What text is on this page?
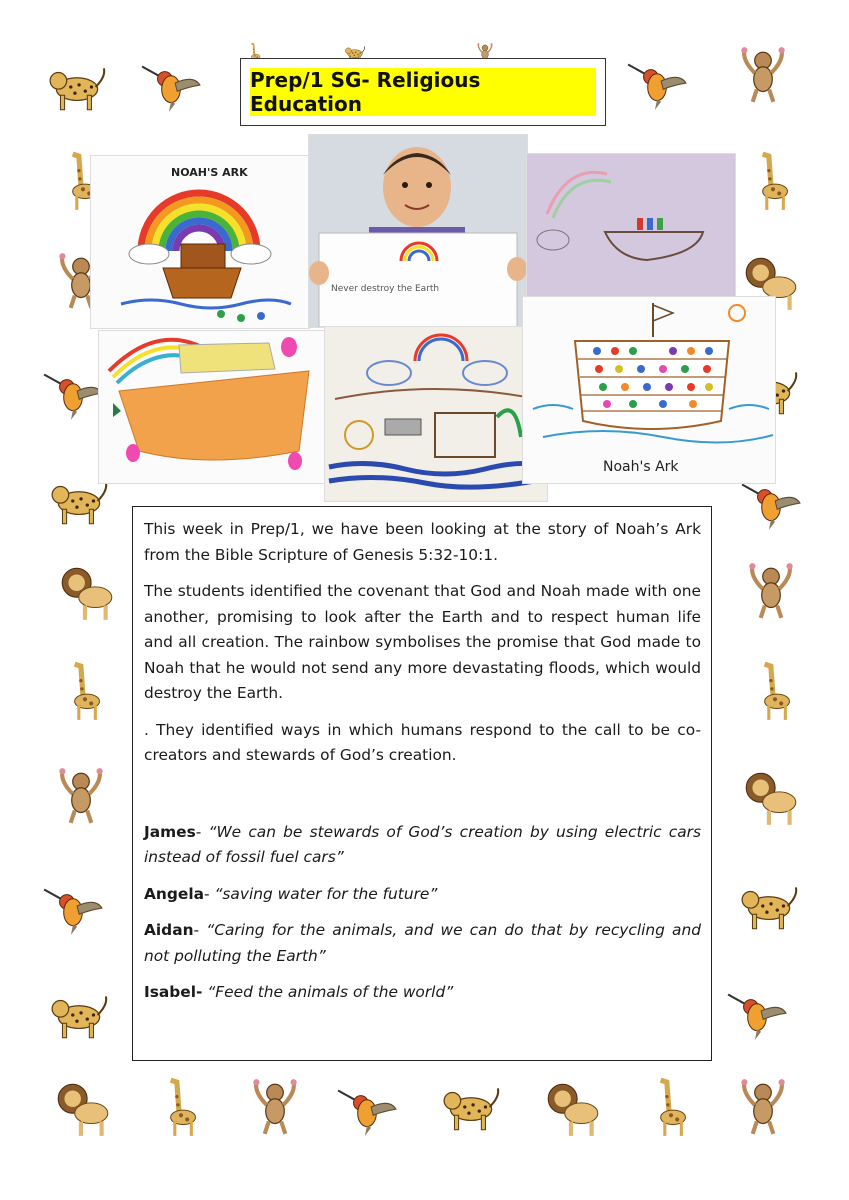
Prep/1 SG- Religious Education
NOAH'S ARK
Never destroy the Earth
Noah's Ark

This week in Prep/1, we have been looking at the story of Noah’s Ark from the Bible Scripture of Genesis 5:32-10:1.

The students identified the covenant that God and Noah made with one another, promising to look after the Earth and to respect human life and all creation. The rainbow symbolises the promise that God made to Noah that he would not send any more devastating floods, which would destroy the Earth.

. They identified ways in which humans respond to the call to be co-creators and stewards of God’s creation.

James- “We can be stewards of God’s creation by using electric cars instead of fossil fuel cars”

Angela- “saving water for the future”

Aidan- “Caring for the animals, and we can do that by recycling and not polluting the Earth”

Isabel- “Feed the animals of the world”
